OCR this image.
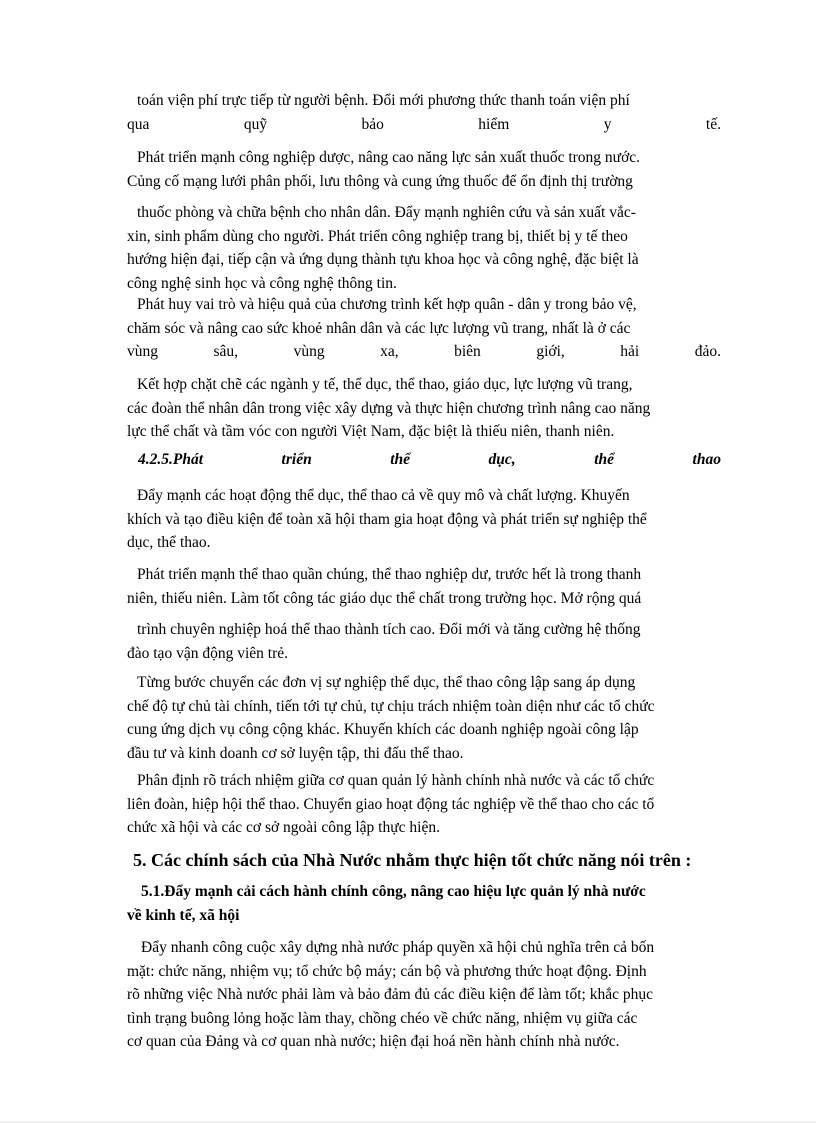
toán viện phí trực tiếp từ người bệnh. Đổi mới phương thức thanh toán viện phí
qua	quỹ	bảo	hiểm	y	tế.
Phát triển mạnh công nghiệp dược, nâng cao năng lực sản xuất thuốc trong nước.
Củng cố mạng lưới phân phối, lưu thông và cung ứng thuốc để ổn định thị trường
thuốc phòng và chữa bệnh cho nhân dân. Đẩy mạnh nghiên cứu và sản xuất vắc-
xin, sinh phẩm dùng cho người. Phát triển công nghiệp trang bị, thiết bị y tế theo
hướng hiện đại, tiếp cận và ứng dụng thành tựu khoa học và công nghệ, đặc biệt là
công nghệ sinh học và công nghệ thông tin.
Phát huy vai trò và hiệu quả của chương trình kết hợp quân - dân y trong bảo vệ,
chăm sóc và nâng cao sức khoẻ nhân dân và các lực lượng vũ trang, nhất là ở các
vùng	sâu,	vùng	xa,	biên	giới,	hải	đảo.
Kết hợp chặt chẽ các ngành y tế, thể dục, thể thao, giáo dục, lực lượng vũ trang,
các đoàn thể nhân dân trong việc xây dựng và thực hiện chương trình nâng cao năng
lực thể chất và tầm vóc con người Việt Nam, đặc biệt là thiếu niên, thanh niên.
4.2.5.Phát	triển	thể	dục,	thể	thao
Đẩy mạnh các hoạt động thể dục, thể thao cả về quy mô và chất lượng. Khuyến
khích và tạo điều kiện để toàn xã hội tham gia hoạt động và phát triển sự nghiệp thể
dục, thể thao.
Phát triển mạnh thể thao quần chúng, thể thao nghiệp dư, trước hết là trong thanh
niên, thiếu niên. Làm tốt công tác giáo dục thể chất trong trường học. Mở rộng quá
trình chuyên nghiệp hoá thể thao thành tích cao. Đổi mới và tăng cường hệ thống
đào tạo vận động viên trẻ.
Từng bước chuyển các đơn vị sự nghiệp thể dục, thể thao công lập sang áp dụng
chế độ tự chủ tài chính, tiến tới tự chủ, tự chịu trách nhiệm toàn diện như các tổ chức
cung ứng dịch vụ công cộng khác. Khuyến khích các doanh nghiệp ngoài công lập
đầu tư và kinh doanh cơ sở luyện tập, thi đấu thể thao.
Phân định rõ trách nhiệm giữa cơ quan quản lý hành chính nhà nước và các tổ chức
liên đoàn, hiệp hội thể thao. Chuyển giao hoạt động tác nghiệp về thể thao cho các tổ
chức xã hội và các cơ sở ngoài công lập thực hiện.
5. Các chính sách của Nhà Nước nhằm thực hiện tốt chức năng nói trên :
5.1.Đẩy mạnh cải cách hành chính công, nâng cao hiệu lực quản lý nhà nước
về kinh tế, xã hội
Đẩy nhanh công cuộc xây dựng nhà nước pháp quyền xã hội chủ nghĩa trên cả bốn
mặt: chức năng, nhiệm vụ; tổ chức bộ máy; cán bộ và phương thức hoạt động. Định
rõ những việc Nhà nước phải làm và bảo đảm đủ các điều kiện để làm tốt; khắc phục
tình trạng buông lỏng hoặc làm thay, chồng chéo về chức năng, nhiệm vụ giữa các
cơ quan của Đảng và cơ quan nhà nước; hiện đại hoá nền hành chính nhà nước.
